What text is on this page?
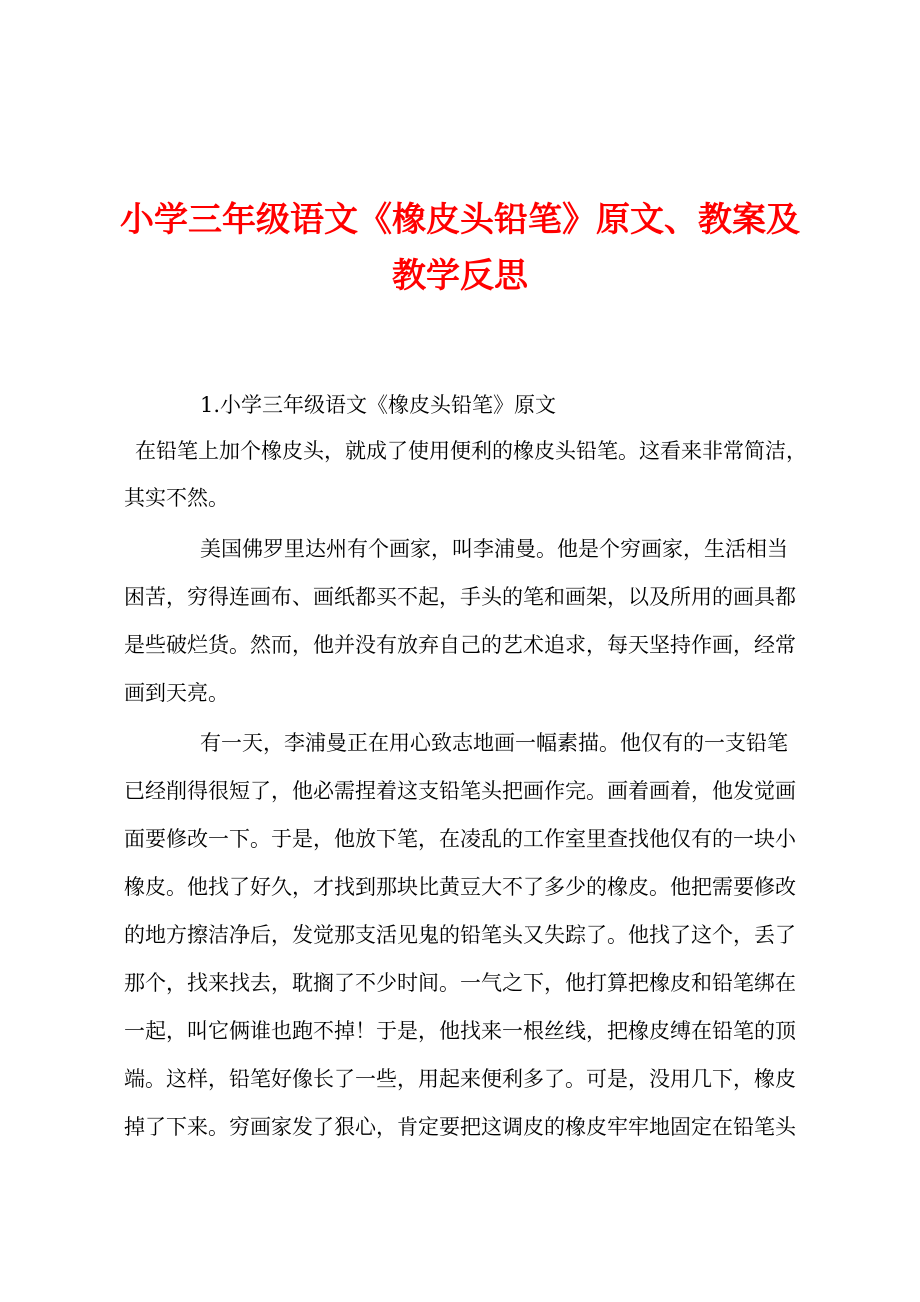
小学三年级语文《橡皮头铅笔》原文、教案及
教学反思
1.小学三年级语文《橡皮头铅笔》原文
在铅笔上加个橡皮头，就成了使用便利的橡皮头铅笔。这看来非常简洁，
其实不然。
美国佛罗里达州有个画家，叫李浦曼。他是个穷画家，生活相当
困苦，穷得连画布、画纸都买不起，手头的笔和画架，以及所用的画具都
是些破烂货。然而，他并没有放弃自己的艺术追求，每天坚持作画，经常
画到天亮。
有一天，李浦曼正在用心致志地画一幅素描。他仅有的一支铅笔
已经削得很短了，他必需捏着这支铅笔头把画作完。画着画着，他发觉画
面要修改一下。于是，他放下笔，在凌乱的工作室里查找他仅有的一块小
橡皮。他找了好久，才找到那块比黄豆大不了多少的橡皮。他把需要修改
的地方擦洁净后，发觉那支活见鬼的铅笔头又失踪了。他找了这个，丢了
那个，找来找去，耽搁了不少时间。一气之下，他打算把橡皮和铅笔绑在
一起，叫它俩谁也跑不掉！于是，他找来一根丝线，把橡皮缚在铅笔的顶
端。这样，铅笔好像长了一些，用起来便利多了。可是，没用几下，橡皮
掉了下来。穷画家发了狠心，肯定要把这调皮的橡皮牢牢地固定在铅笔头
